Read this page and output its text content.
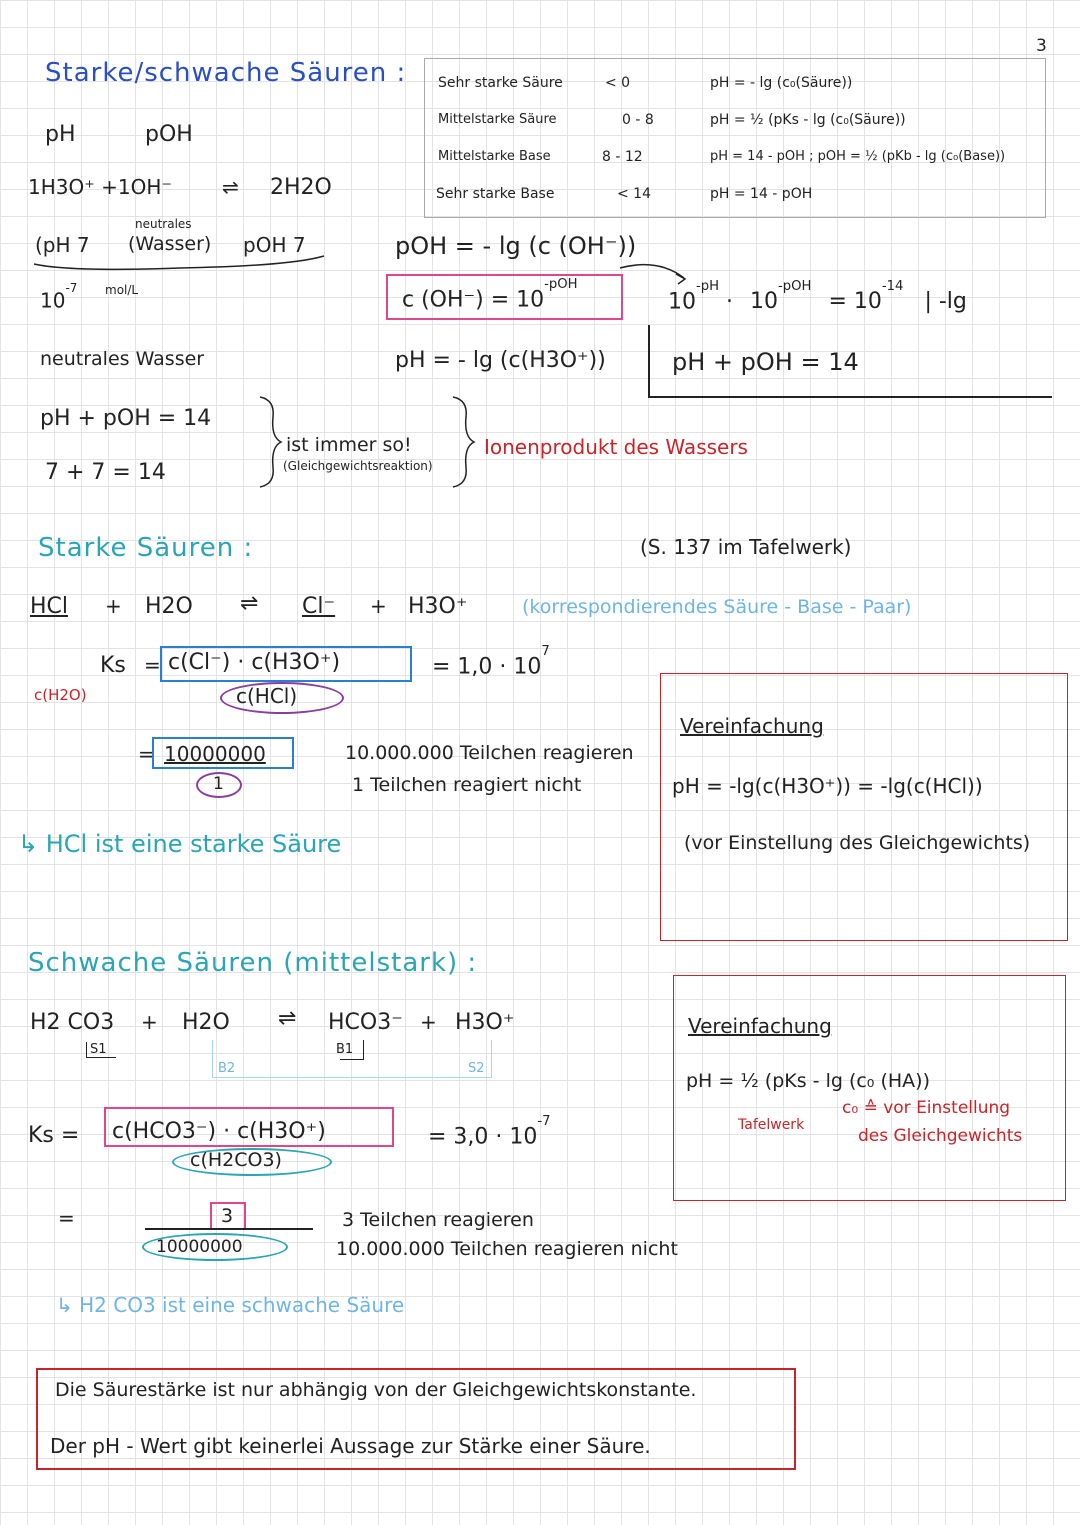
3
Starke/schwache Säuren : Sehr starke Säure	< 0	pH = - lg (c₀(Säure))
Mittelstarke Säure	0 - 8	pH = ½ (pKs - lg (c₀(Säure))
Mittelstarke Base	8 - 12	pH = 14 - pOH ; pOH = ½ (pKb - lg (c₀(Base))
Sehr starke Base	< 14	pH = 14 - pOH
pH	pOH
1H3O⁺ +1OH⁻	⇌ 2H2O
neutrales
(pH 7 (Wasser) pOH 7
$10^{-7}$ mol/L
neutrales Wasser
pH + pOH = 14
7 + 7 = 14
ist immer so!
(Gleichgewichtsreaktion)
pOH = - lg (c (OH⁻))
c $(OH^-) = 10^{-pOH}$
pH = - lg (c(H3O⁺))
Ionenprodukt des Wassers
$10^{-pH} \cdot 10^{-pOH} = 10^{-14}$ | -lg
pH + pOH = 14
Starke Säuren :	(S. 137 im Tafelwerk)
HCl + H2O ⇌ Cl⁻ + H3O⁺	(korrespondierendes Säure - Base - Paar)
Ks
c(H2O)
= c(Cl⁻) · c(H3O⁺)
c(HCl)
= $1,0 \cdot 10^7$
= 10000000
1
10.000.000 Teilchen reagieren
1 Teilchen reagiert nicht
↳ HCl ist eine starke Säure
Vereinfachung
pH = -lg(c(H3O⁺)) = -lg(c(HCl))
(vor Einstellung des Gleichgewichts)
Schwache Säuren (mittelstark) :
H2 CO3 + H2O ⇌ HCO3⁻ + H3O⁺
S1
B2
B1
S2
Ks = c(HCO3⁻) · c(H3O⁺)
c(H2CO3)
= $3,0 \cdot 10^{-7}$
=	3
10000000
3 Teilchen reagieren
10.000.000 Teilchen reagieren nicht
↳ H2 CO3 ist eine schwache Säure
Vereinfachung
pH = ½ (pKs - lg (c₀ (HA))
Tafelwerk
c₀ ≙ vor Einstellung
des Gleichgewichts
Die Säurestärke ist nur abhängig von der Gleichgewichtskonstante.
Der pH - Wert gibt keinerlei Aussage zur Stärke einer Säure.
